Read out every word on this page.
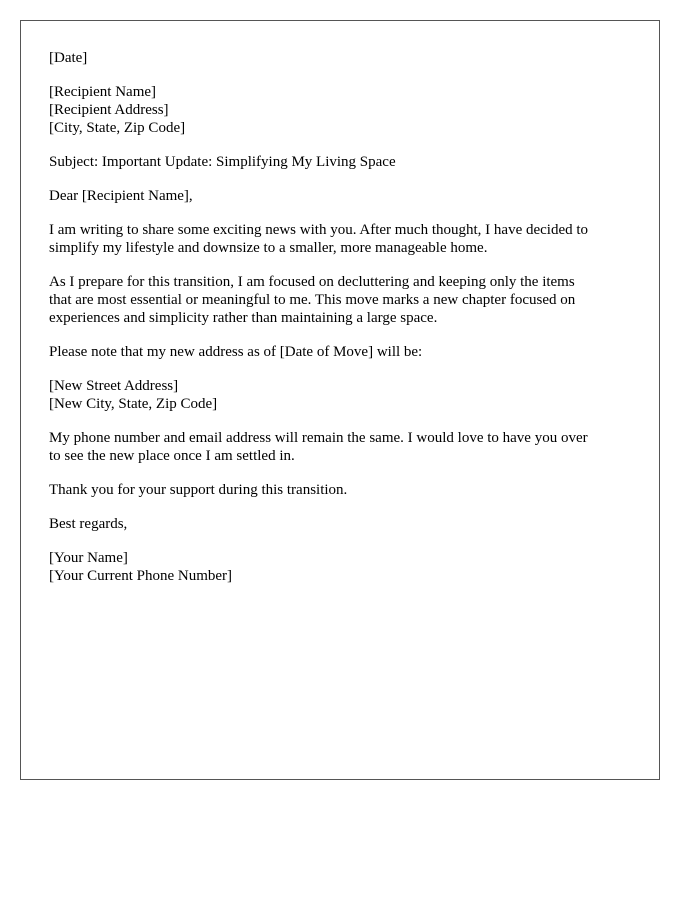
[Date]
[Recipient Name]
[Recipient Address]
[City, State, Zip Code]
Subject: Important Update: Simplifying My Living Space
Dear [Recipient Name],
I am writing to share some exciting news with you. After much thought, I have decided to
simplify my lifestyle and downsize to a smaller, more manageable home.
As I prepare for this transition, I am focused on decluttering and keeping only the items
that are most essential or meaningful to me. This move marks a new chapter focused on
experiences and simplicity rather than maintaining a large space.
Please note that my new address as of [Date of Move] will be:
[New Street Address]
[New City, State, Zip Code]
My phone number and email address will remain the same. I would love to have you over
to see the new place once I am settled in.
Thank you for your support during this transition.
Best regards,
[Your Name]
[Your Current Phone Number]
